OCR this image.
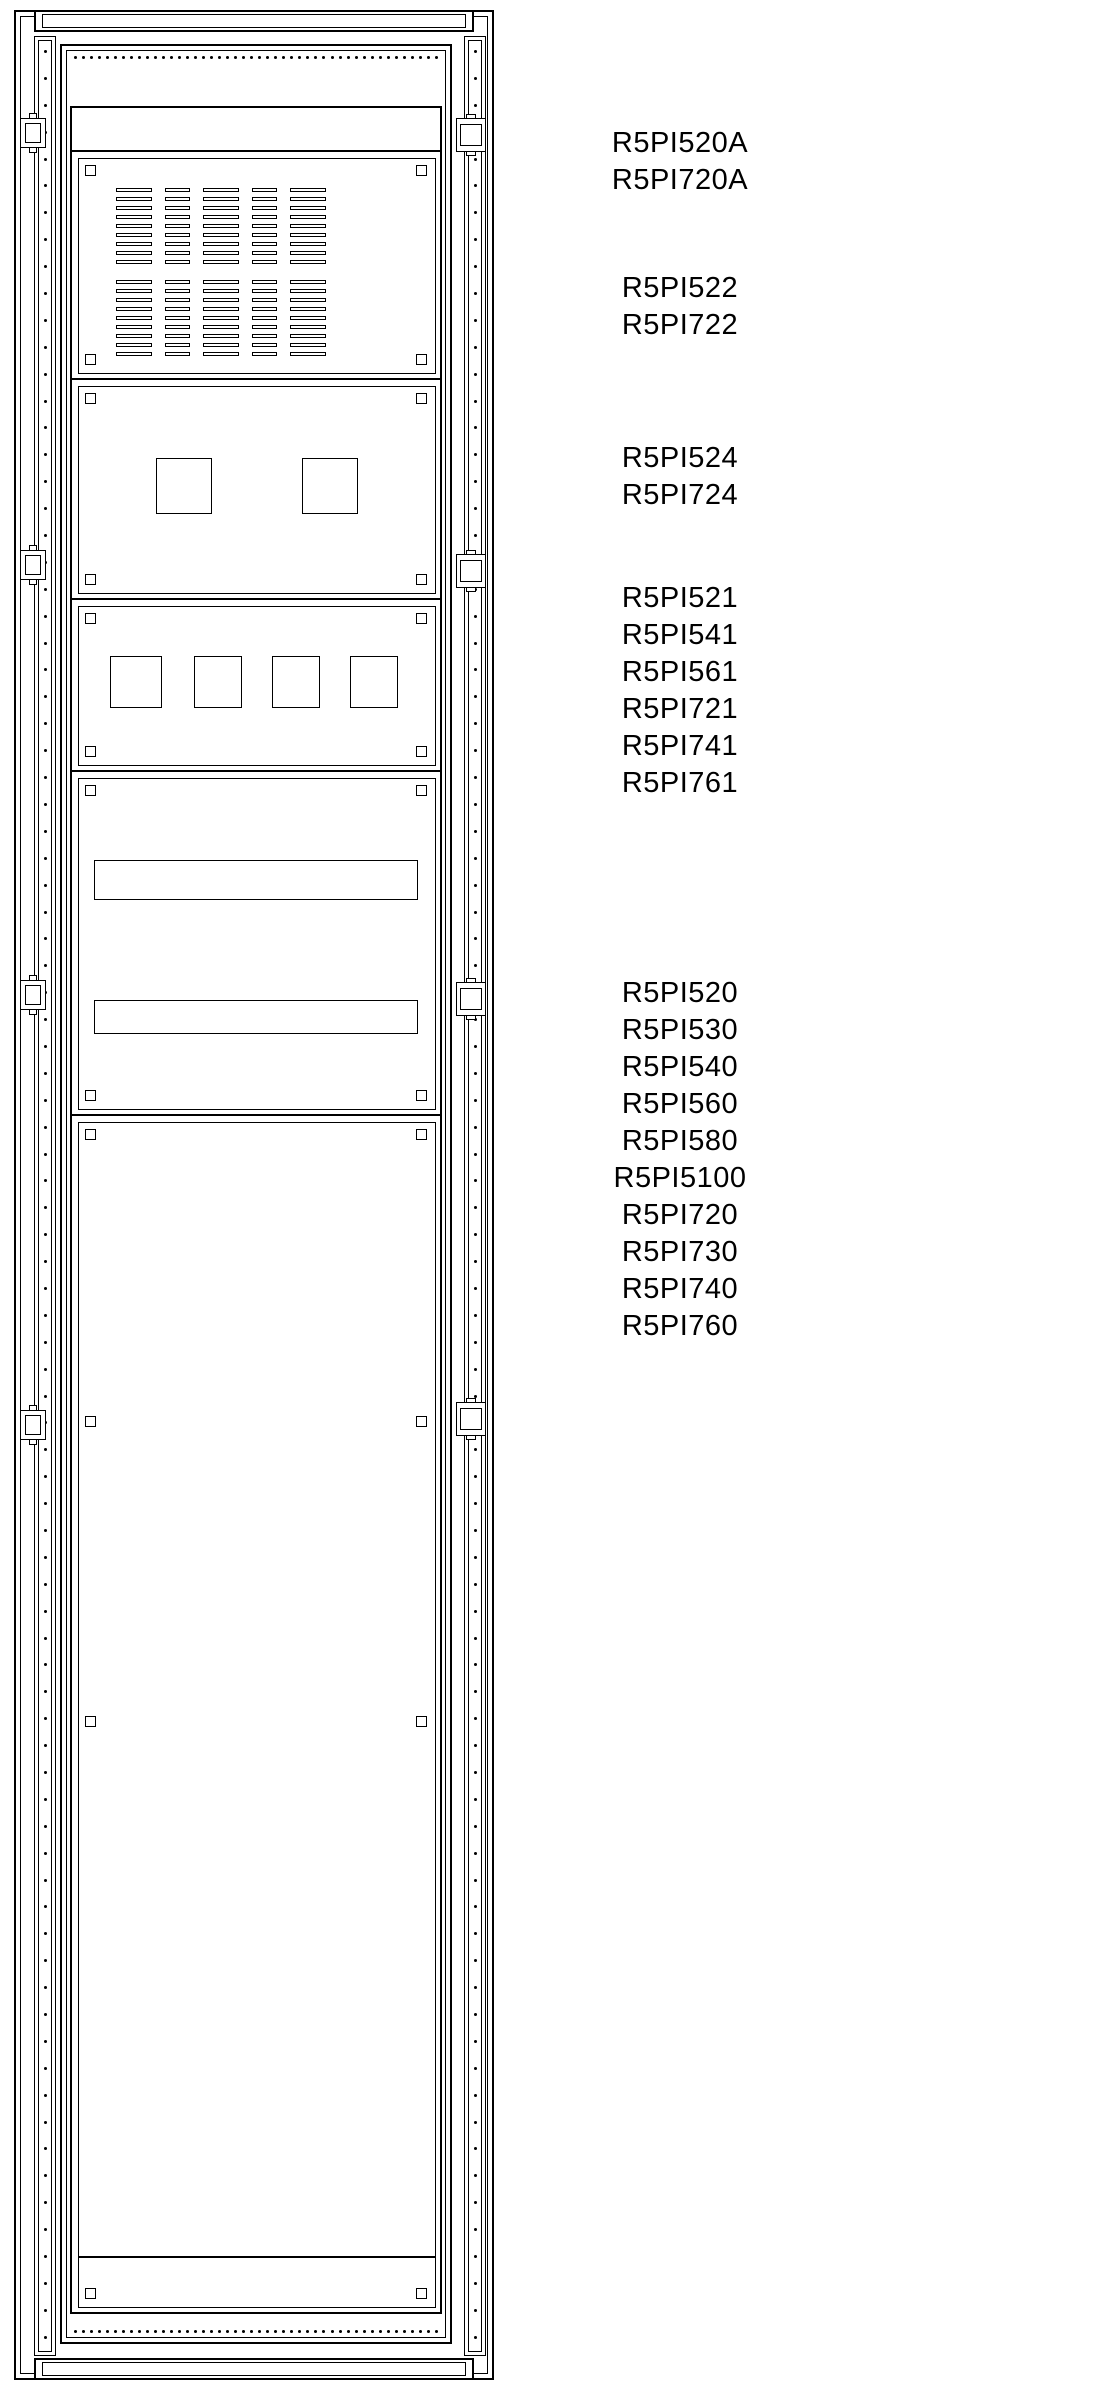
R5PI520A
R5PI720A
R5PI522
R5PI722
R5PI524
R5PI724
R5PI521
R5PI541
R5PI561
R5PI721
R5PI741
R5PI761
R5PI520
R5PI530
R5PI540
R5PI560
R5PI580
R5PI5100
R5PI720
R5PI730
R5PI740
R5PI760
